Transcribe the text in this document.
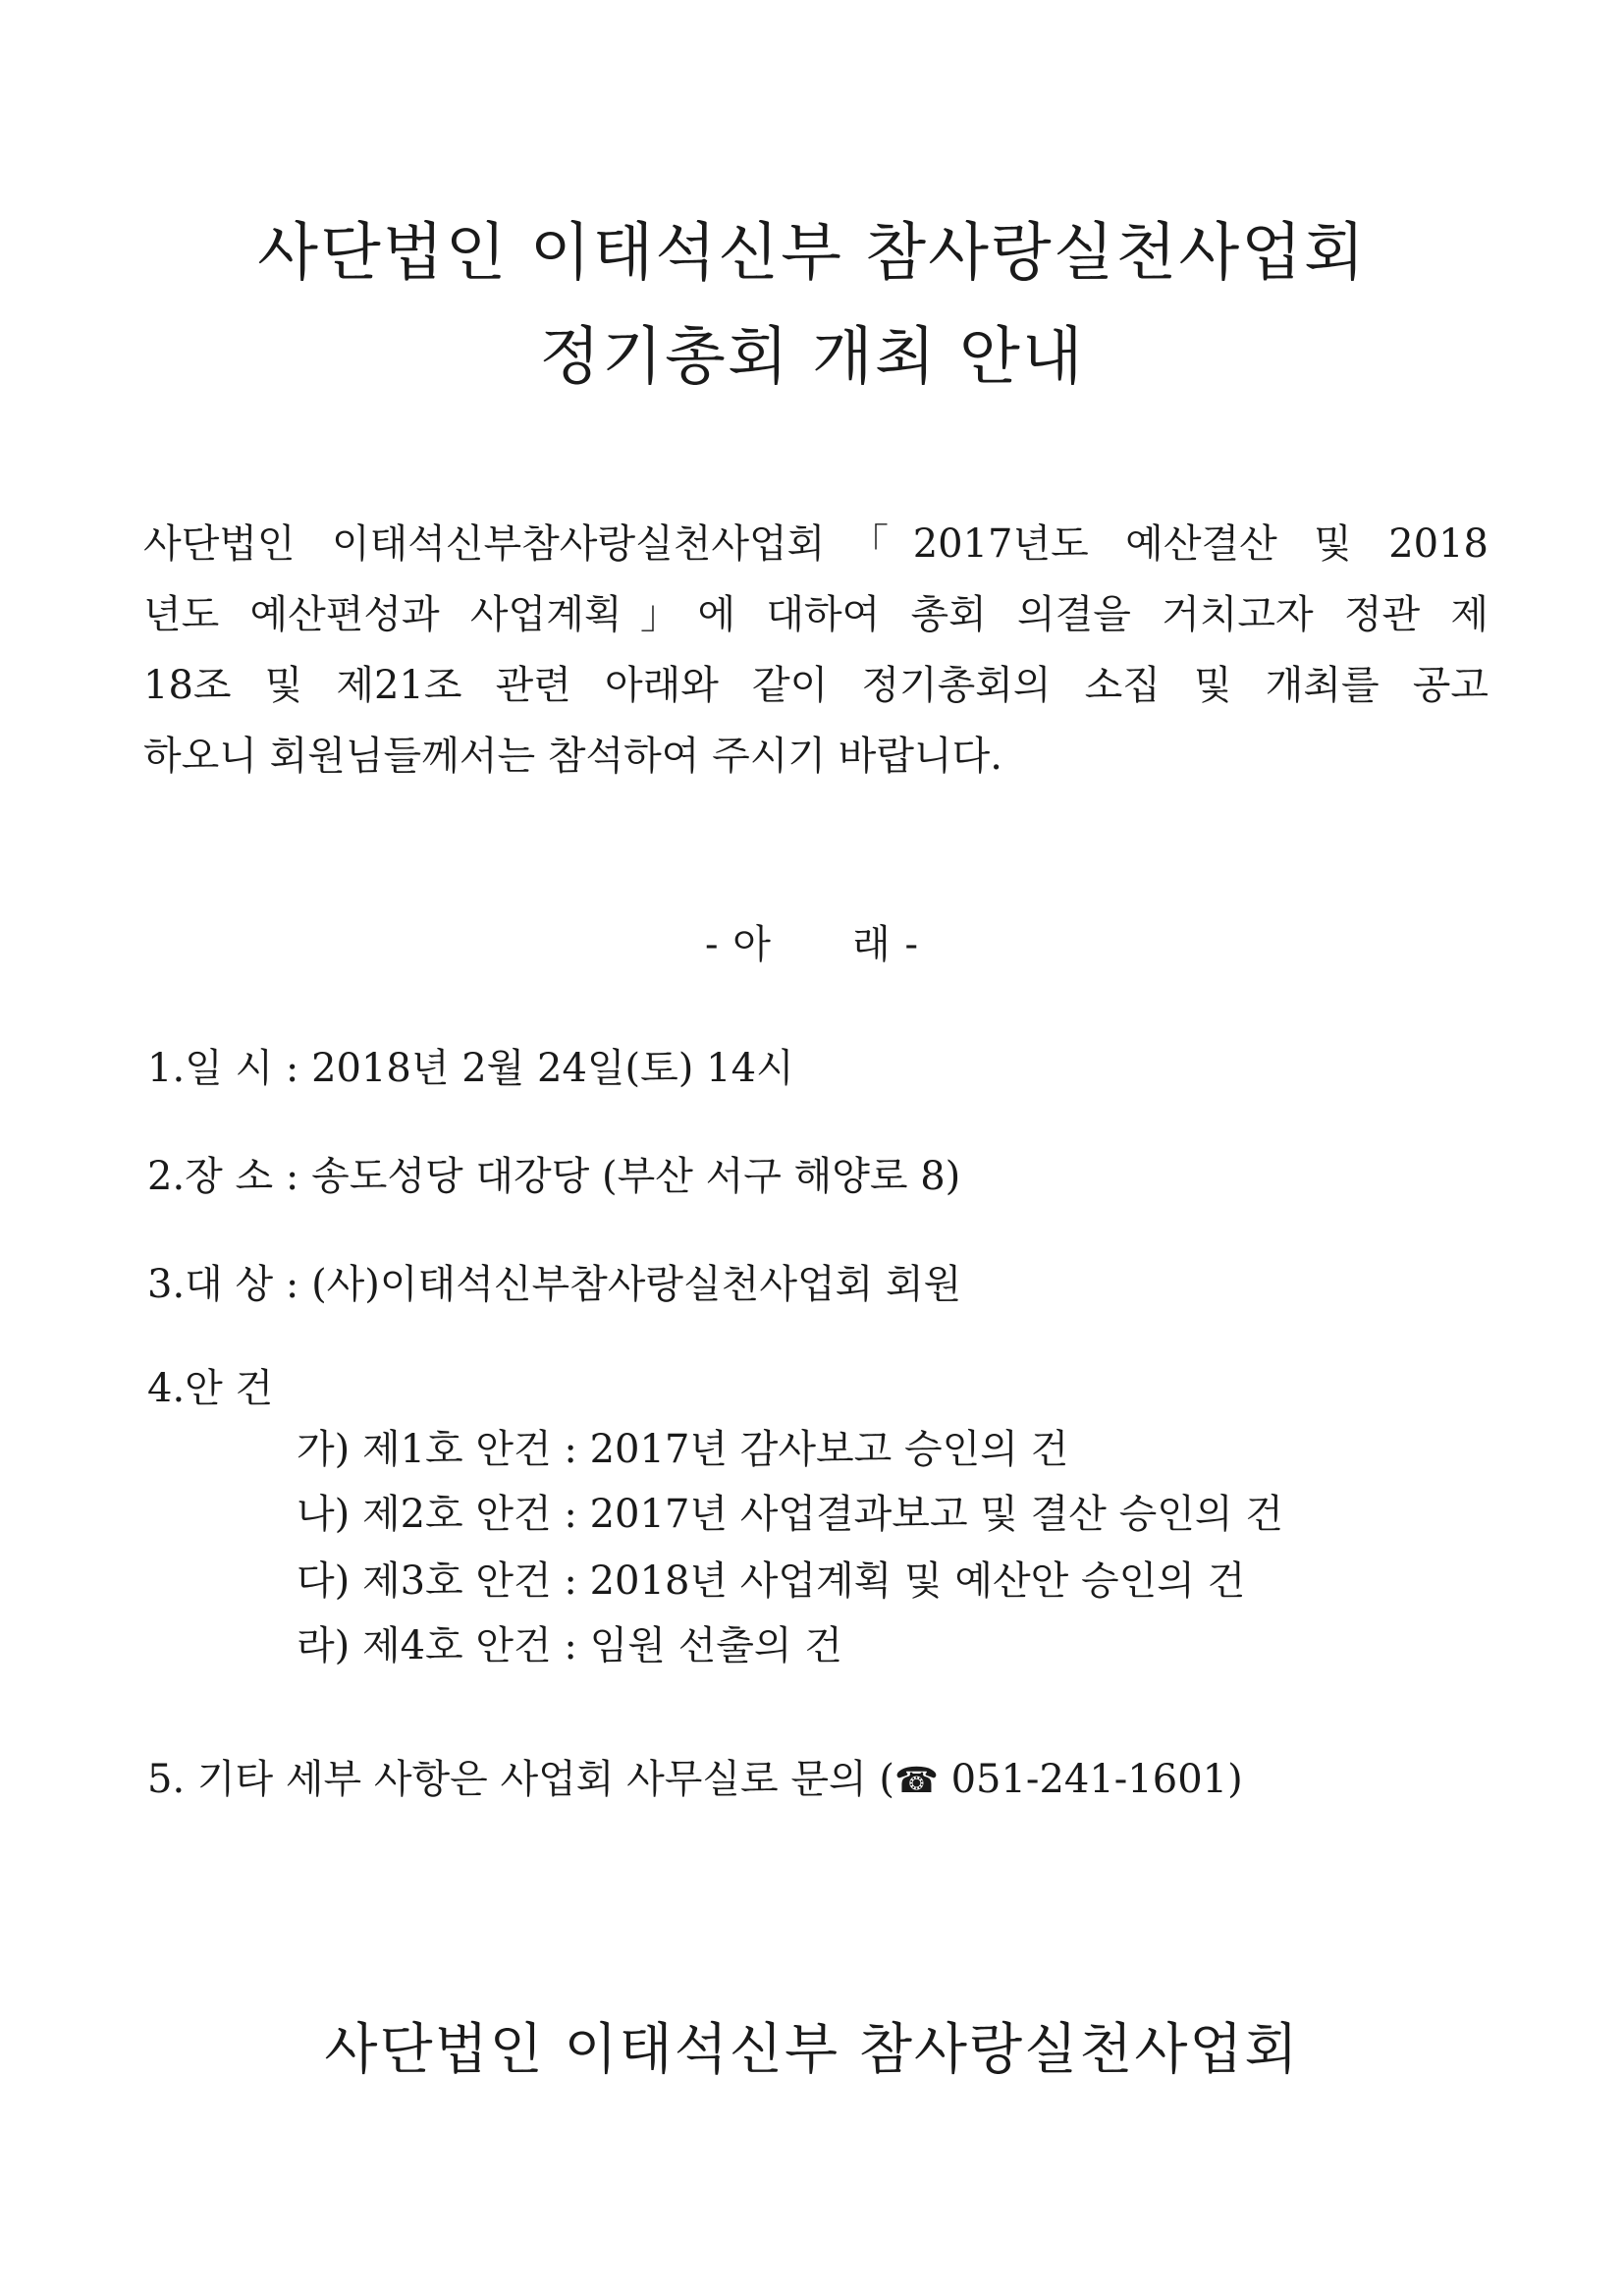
사단법인 이태석신부 참사랑실천사업회
정기총회 개최 안내

사단법인 이태석신부참사랑실천사업회「2017년도 예산결산 및 2018
년도 예산편성과 사업계획」에 대하여 총회 의결을 거치고자 정관 제
18조 및 제21조 관련 아래와 같이 정기총회의 소집 및 개최를 공고
하오니 회원님들께서는 참석하여 주시기 바랍니다.

- 아      래 -
1.일 시 : 2018년 2월 24일(토) 14시
2.장 소 : 송도성당 대강당 (부산 서구 해양로 8)
3.대 상 : (사)이태석신부참사랑실천사업회 회원
4.안 건
가) 제1호 안건 : 2017년 감사보고 승인의 건
나) 제2호 안건 : 2017년 사업결과보고 및 결산 승인의 건
다) 제3호 안건 : 2018년 사업계획 및 예산안 승인의 건
라) 제4호 안건 : 임원 선출의 건
5. 기타 세부 사항은 사업회 사무실로 문의 (☎ 051-241-1601)
사단법인 이태석신부 참사랑실천사업회
